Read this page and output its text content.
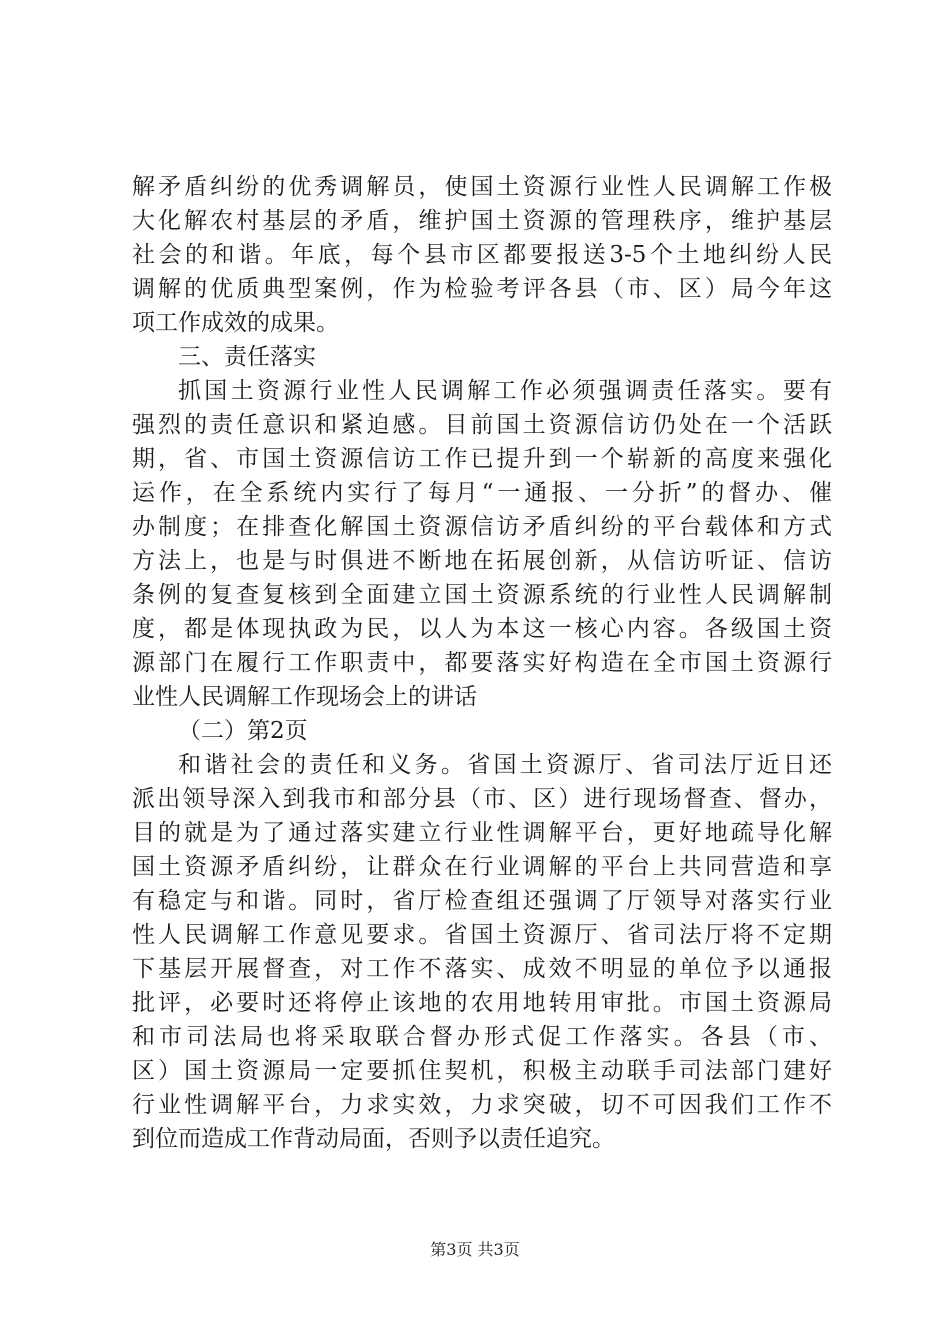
解矛盾纠纷的优秀调解员，使国土资源行业性人民调解工作极
大化解农村基层的矛盾，维护国土资源的管理秩序，维护基层
社会的和谐。年底，每个县市区都要报送3-5个土地纠纷人民
调解的优质典型案例，作为检验考评各县（市、区）局今年这
项工作成效的成果。
三、责任落实
抓国土资源行业性人民调解工作必须强调责任落实。要有
强烈的责任意识和紧迫感。目前国土资源信访仍处在一个活跃
期，省、市国土资源信访工作已提升到一个崭新的高度来强化
运作，在全系统内实行了每月“一通报、一分折”的督办、催
办制度；在排查化解国土资源信访矛盾纠纷的平台载体和方式
方法上，也是与时俱进不断地在拓展创新，从信访听证、信访
条例的复查复核到全面建立国土资源系统的行业性人民调解制
度，都是体现执政为民，以人为本这一核心内容。各级国土资
源部门在履行工作职责中，都要落实好构造在全市国土资源行
业性人民调解工作现场会上的讲话
（二）第2页
和谐社会的责任和义务。省国土资源厅、省司法厅近日还
派出领导深入到我市和部分县（市、区）进行现场督查、督办，
目的就是为了通过落实建立行业性调解平台，更好地疏导化解
国土资源矛盾纠纷，让群众在行业调解的平台上共同营造和享
有稳定与和谐。同时，省厅检查组还强调了厅领导对落实行业
性人民调解工作意见要求。省国土资源厅、省司法厅将不定期
下基层开展督查，对工作不落实、成效不明显的单位予以通报
批评，必要时还将停止该地的农用地转用审批。市国土资源局
和市司法局也将采取联合督办形式促工作落实。各县（市、
区）国土资源局一定要抓住契机，积极主动联手司法部门建好
行业性调解平台，力求实效，力求突破，切不可因我们工作不
到位而造成工作背动局面，否则予以责任追究。
第3页 共3页
